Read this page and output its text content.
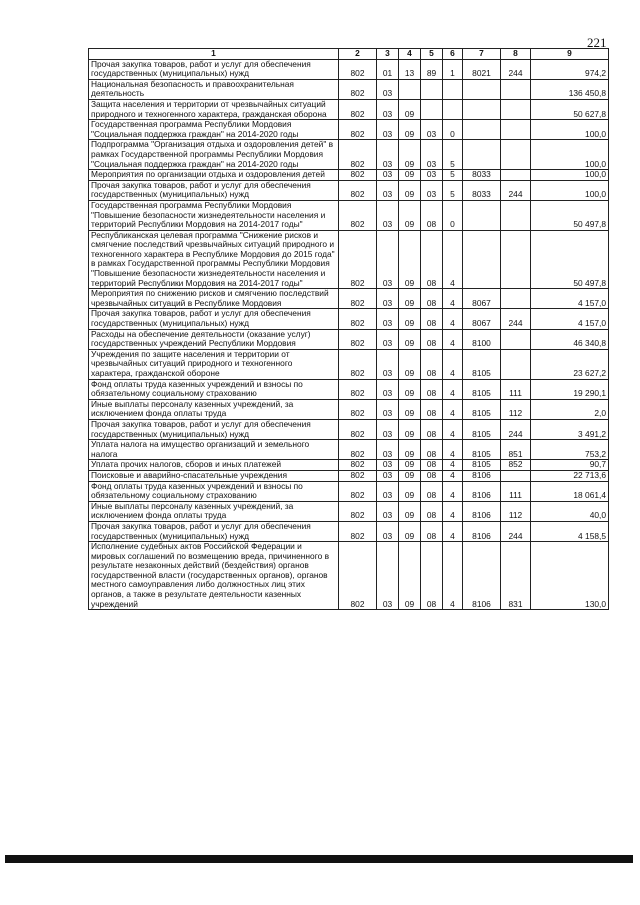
221
1	2	3	4	5	6	7	8	9
Прочая закупка товаров, работ и услуг для обеспечения государственных (муниципальных) нужд	802	01	13	89	1	8021	244	974,2
Национальная безопасность и правоохранительная деятельность	802	03						136 450,8
Защита населения и территории от чрезвычайных ситуаций природного и техногенного характера, гражданская оборона	802	03	09					50 627,8
Государственная программа Республики Мордовия "Социальная поддержка граждан" на 2014-2020 годы	802	03	09	03	0			100,0
Подпрограмма "Организация отдыха и оздоровления детей" в рамках Государственной программы Республики Мордовия "Социальная поддержка граждан" на 2014-2020 годы	802	03	09	03	5			100,0
Мероприятия по организации отдыха и оздоровления детей	802	03	09	03	5	8033		100,0
Прочая закупка товаров, работ и услуг для обеспечения государственных (муниципальных) нужд	802	03	09	03	5	8033	244	100,0
Государственная программа Республики Мордовия "Повышение безопасности жизнедеятельности населения и территорий Республики Мордовия на 2014-2017 годы"	802	03	09	08	0			50 497,8
Республиканская целевая программа "Снижение рисков и смягчение последствий чрезвычайных ситуаций природного и техногенного характера в Республике Мордовия до 2015 года" в рамках Государственной программы Республики Мордовия "Повышение безопасности жизнедеятельности населения и территорий Республики Мордовия на 2014-2017 годы"	802	03	09	08	4			50 497,8
Мероприятия по снижению рисков и смягчению последствий чрезвычайных ситуаций в Республике Мордовия	802	03	09	08	4	8067		4 157,0
Прочая закупка товаров, работ и услуг для обеспечения государственных (муниципальных) нужд	802	03	09	08	4	8067	244	4 157,0
Расходы на обеспечение деятельности (оказание услуг) государственных учреждений Республики Мордовия	802	03	09	08	4	8100		46 340,8
Учреждения по защите населения и территории от чрезвычайных ситуаций природного и техногенного характера, гражданской обороне	802	03	09	08	4	8105		23 627,2
Фонд оплаты труда казенных учреждений и взносы по обязательному социальному страхованию	802	03	09	08	4	8105	111	19 290,1
Иные выплаты персоналу казенных учреждений, за исключением фонда оплаты труда	802	03	09	08	4	8105	112	2,0
Прочая закупка товаров, работ и услуг для обеспечения государственных (муниципальных) нужд	802	03	09	08	4	8105	244	3 491,2
Уплата налога на имущество организаций и земельного налога	802	03	09	08	4	8105	851	753,2
Уплата прочих налогов, сборов и иных платежей	802	03	09	08	4	8105	852	90,7
Поисковые и аварийно-спасательные учреждения	802	03	09	08	4	8106		22 713,6
Фонд оплаты труда казенных учреждений и взносы по обязательному социальному страхованию	802	03	09	08	4	8106	111	18 061,4
Иные выплаты персоналу казенных учреждений, за исключением фонда оплаты труда	802	03	09	08	4	8106	112	40,0
Прочая закупка товаров, работ и услуг для обеспечения государственных (муниципальных) нужд	802	03	09	08	4	8106	244	4 158,5
Исполнение судебных актов Российской Федерации и мировых соглашений по возмещению вреда, причиненного в результате незаконных действий (бездействия) органов государственной власти (государственных органов), органов местного самоуправления либо должностных лиц этих органов, а также в результате деятельности казенных учреждений	802	03	09	08	4	8106	831	130,0
